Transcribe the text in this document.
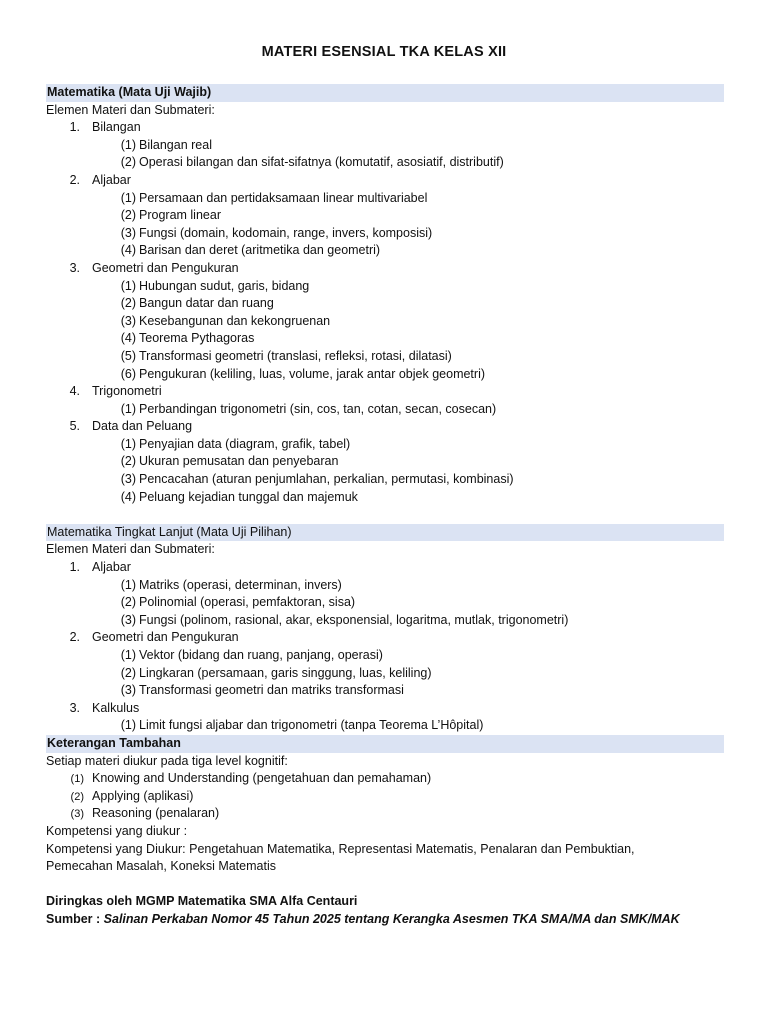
MATERI ESENSIAL TKA KELAS XII
Matematika (Mata Uji Wajib)
Elemen Materi dan Submateri:
1. Bilangan
(1) Bilangan real
(2) Operasi bilangan dan sifat-sifatnya (komutatif, asosiatif, distributif)
2. Aljabar
(1) Persamaan dan pertidaksamaan linear multivariabel
(2) Program linear
(3) Fungsi (domain, kodomain, range, invers, komposisi)
(4) Barisan dan deret (aritmetika dan geometri)
3. Geometri dan Pengukuran
(1) Hubungan sudut, garis, bidang
(2) Bangun datar dan ruang
(3) Kesebangunan dan kekongruenan
(4) Teorema Pythagoras
(5) Transformasi geometri (translasi, refleksi, rotasi, dilatasi)
(6) Pengukuran (keliling, luas, volume, jarak antar objek geometri)
4. Trigonometri
(1) Perbandingan trigonometri (sin, cos, tan, cotan, secan, cosecan)
5. Data dan Peluang
(1) Penyajian data (diagram, grafik, tabel)
(2) Ukuran pemusatan dan penyebaran
(3) Pencacahan (aturan penjumlahan, perkalian, permutasi, kombinasi)
(4) Peluang kejadian tunggal dan majemuk
Matematika Tingkat Lanjut (Mata Uji Pilihan)
Elemen Materi dan Submateri:
1. Aljabar
(1) Matriks (operasi, determinan, invers)
(2) Polinomial (operasi, pemfaktoran, sisa)
(3) Fungsi (polinom, rasional, akar, eksponensial, logaritma, mutlak, trigonometri)
2. Geometri dan Pengukuran
(1) Vektor (bidang dan ruang, panjang, operasi)
(2) Lingkaran (persamaan, garis singgung, luas, keliling)
(3) Transformasi geometri dan matriks transformasi
3. Kalkulus
(1) Limit fungsi aljabar dan trigonometri (tanpa Teorema L’Hôpital)
Keterangan Tambahan
Setiap materi diukur pada tiga level kognitif:
(1) Knowing and Understanding (pengetahuan dan pemahaman)
(2) Applying (aplikasi)
(3) Reasoning (penalaran)
Kompetensi yang diukur :
Kompetensi yang Diukur: Pengetahuan Matematika, Representasi Matematis, Penalaran dan Pembuktian,
Pemecahan Masalah, Koneksi Matematis
Diringkas oleh MGMP Matematika SMA Alfa Centauri
Sumber : Salinan Perkaban Nomor 45 Tahun 2025 tentang Kerangka Asesmen TKA SMA/MA dan SMK/MAK
